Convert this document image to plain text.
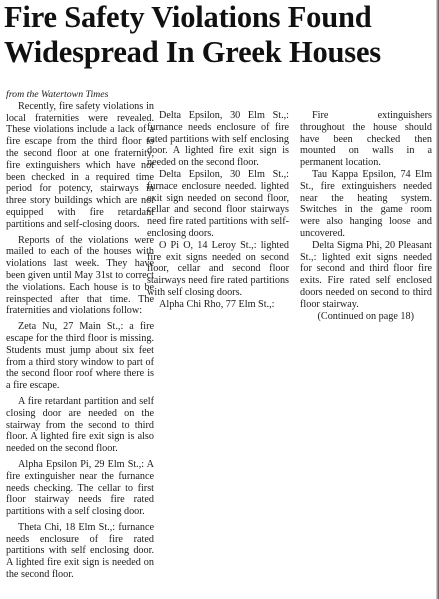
Fire Safety Violations Found
Widespread In Greek Houses

from the Watertown Times

Recently, fire safety violations in local fraternities were revealed. These violations include a lack of a fire escape from the third floor to the second floor at one fraternity, fire extinguishers which have not been checked in a required time period for potency, stairways in three story buildings which are not equipped with fire retardant partitions and self-closing doors.

Reports of the violations were mailed to each of the houses with violations last week. They have been given until May 31st to correct the violations. Each house is to be reinspected after that time. The fraternities and violations follow:

Zeta Nu, 27 Main St.,: a fire escape for the third floor is missing. Students must jump about six feet from a third story window to part of the second floor roof where there is a fire escape.

A fire retardant partition and self closing door are needed on the stairway from the second to third floor. A lighted fire exit sign is also needed on the second floor.

Alpha Epsilon Pi, 29 Elm St.,: A fire extinguisher near the furnance needs checking. The cellar to first floor stairway needs fire rated partitions with a self closing door.

Theta Chi, 18 Elm St.,: furnance needs enclosure of fire rated partitions with self enclosing door. A lighted fire exit sign is needed on the second floor.

Delta Epsilon, 30 Elm St.,: furnance needs enclosure of fire rated partitions with self enclosing door. A lighted fire exit sign is needed on the second floor.

Delta Epsilon, 30 Elm St.,: furnace enclosure needed. lighted exit sign needed on second floor, cellar and second floor stairways need fire rated partitions with self-enclosing doors.

O Pi O, 14 Leroy St.,: lighted fire exit signs needed on second floor, cellar and second floor stairways need fire rated partitions with self closing doors.

Alpha Chi Rho, 77 Elm St.,:

Fire extinguishers throughout the house should have been checked then mounted on walls in a permanent location.

Tau Kappa Epsilon, 74 Elm St., fire extinguishers needed near the heating system. Switches in the game room were also hanging loose and uncovered.

Delta Sigma Phi, 20 Pleasant St.,: lighted exit signs needed for second and third floor fire exits. Fire rated self enclosed doors needed on second to third floor stairway.

(Continued on page 18)
